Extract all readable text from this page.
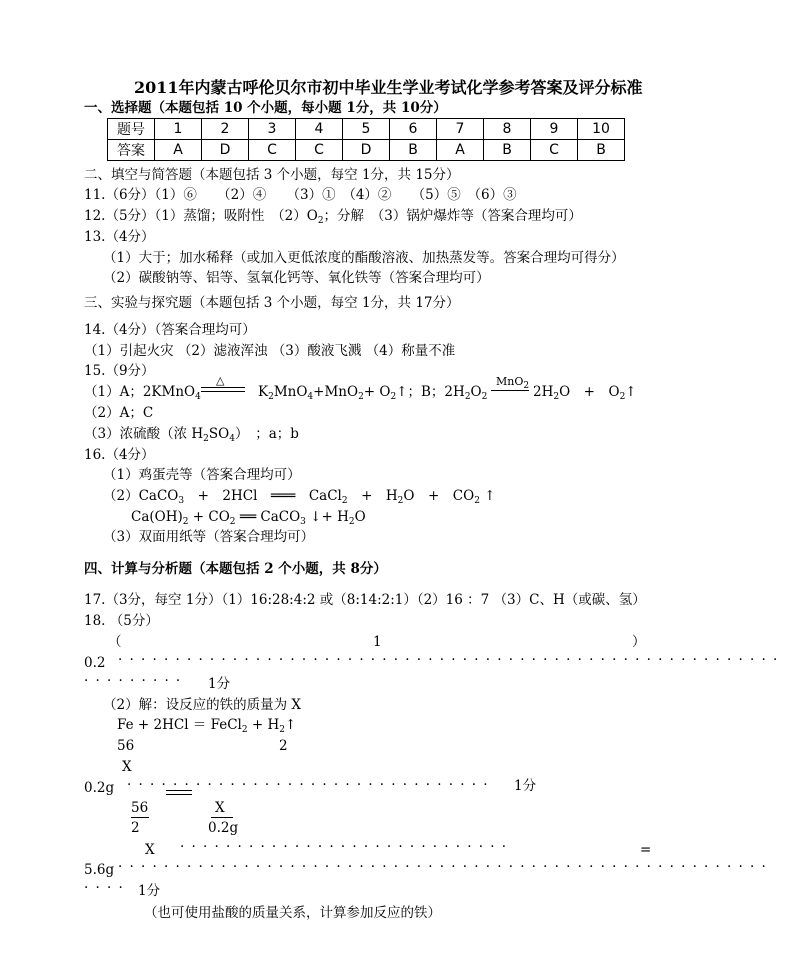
2011年内蒙古呼伦贝尔市初中毕业生学业考试化学参考答案及评分标准
一、选择题（本题包括 10 个小题，每小题 1分，共 10分）
题号	1	2	3	4	5	6	7	8	9	10
答案	A	D	C	C	D	B	A	B	C	B
二、填空与简答题（本题包括 3 个小题，每空 1分，共 15分）
11.（6分）（1）⑥　　（2）④　　（3）①　（4）②　　（5）⑤　（6）③
12.（5分）（1）蒸馏；吸附性　$(2)O_2$；分解　（3）锅炉爆炸等（答案合理均可）
13.（4分）
（1）大于；加水稀释（或加入更低浓度的酯酸溶液、加热蒸发等。答案合理均可得分）
（2）碳酸钠等、铝等、氢氧化钙等、氧化铁等（答案合理均可）
三、实验与探究题（本题包括 3 个小题，每空 1分，共 17分）
14.（4分）（答案合理均可）
（1）引起火灾 （2）滤液浑浊 （3）酸液飞溅 （4）称量不准
15.（9分）
（1）A；2KMnO$_4$
△
$K_2MnO_4+MnO_2+$ $O_2↑$；B；$2H_2O_2$
MnO$_2$ $2H_2O$　+　$O_2↑$
（2）A；C
（3）浓硫酸（浓 $H_2SO_4$）　；a；b
16.（4分）
（1）鸡蛋壳等（答案合理均可）
（2）CaCO$_3$　 +　2HCl　═══　CaCl$_2$　 +　$H_2O$　+　$CO_2$ ↑
$Ca(OH)_2 + CO_2$ ══ CaCO$_3$ ↓+ $H_2O$
（3）双面用纸等（答案合理均可）
四、计算与分析题（本题包括 2 个小题，共 8分）
17.（3分，每空 1分）（1）16:28:4:2 或（8:14:2:1）（2）16 ：7 （3）C、H（或碳、氢）
18. （5分）
（	1	）
0.2 ··························································
········· 1分
（2）解：设反应的铁的质量为 X
Fe + 2HCl ＝ FeCl$_2$ + $H_2↑$
56	2
X
0.2g ································ 1分
56
2
X
0.2g
X ·····························	=
5.6g ·························································
···· 1分
（也可使用盐酸的质量关系，计算参加反应的铁）
